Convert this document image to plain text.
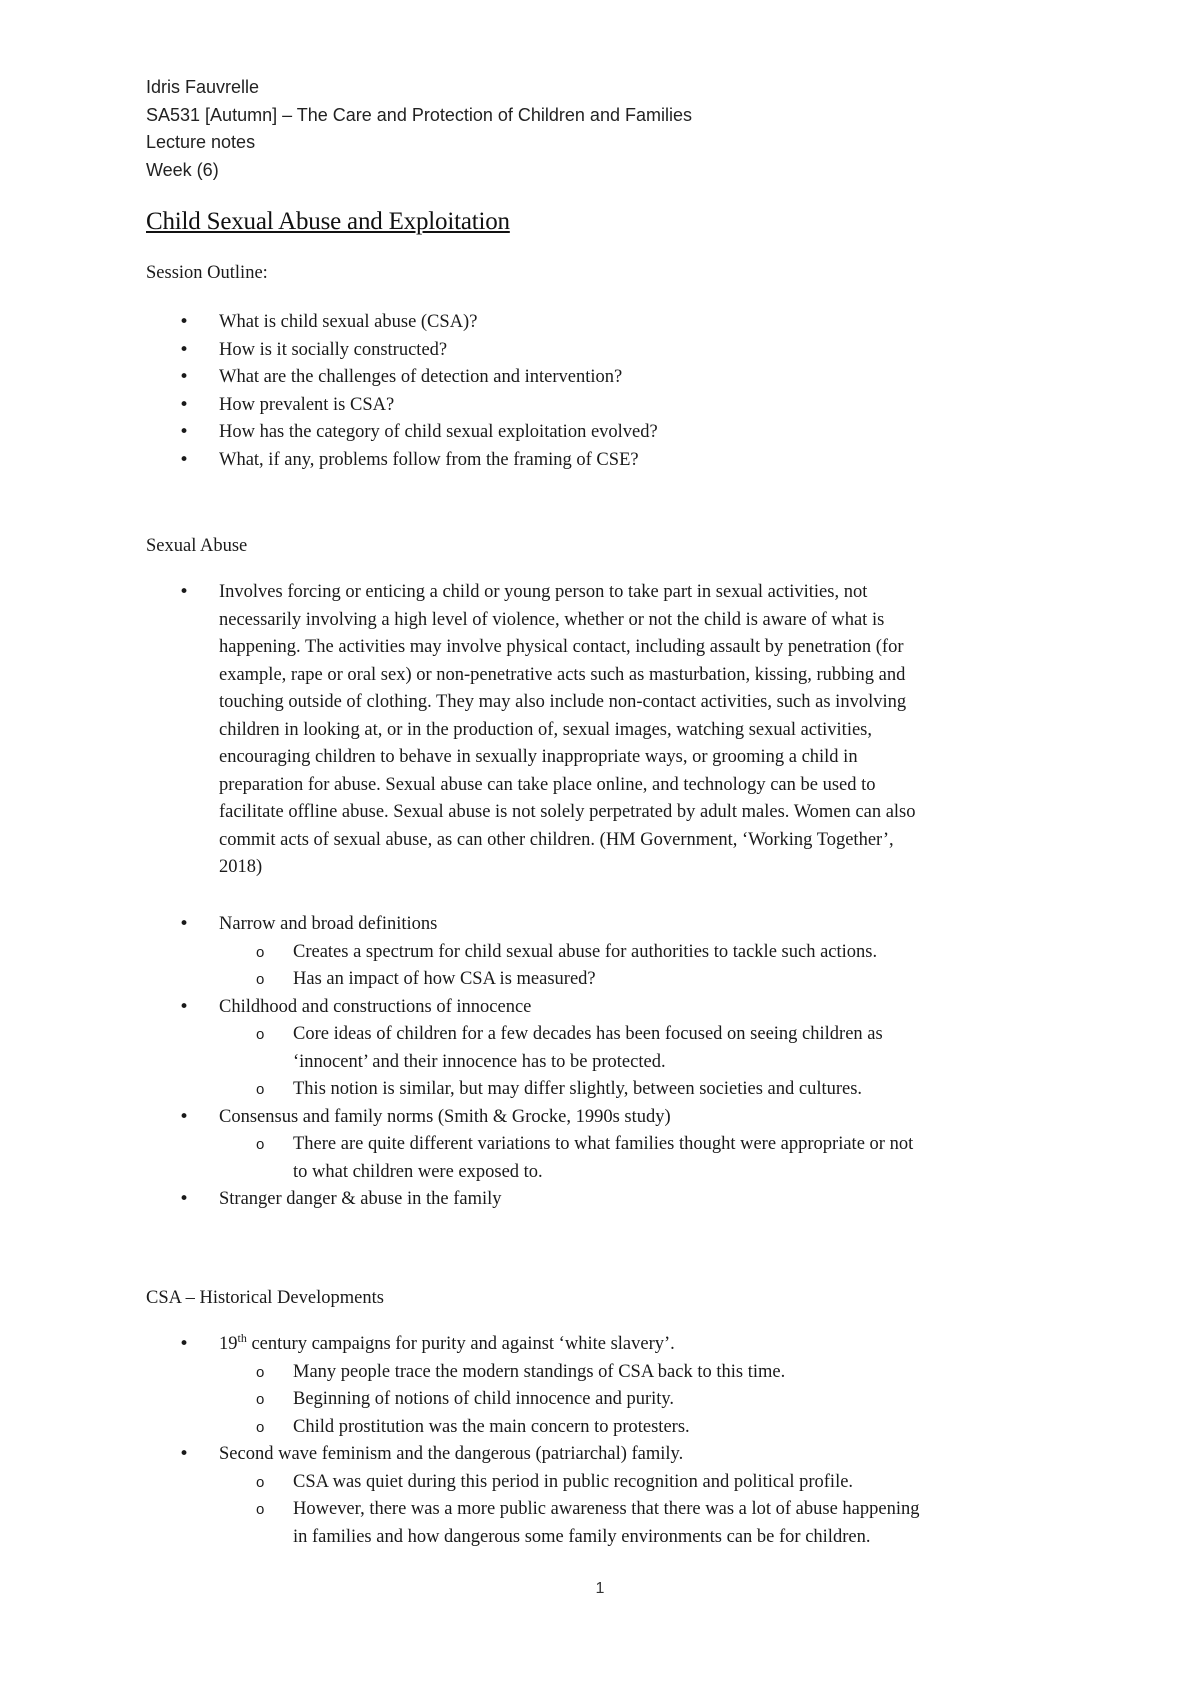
Idris Fauvrelle
SA531 [Autumn] – The Care and Protection of Children and Families
Lecture notes
Week (6)
Child Sexual Abuse and Exploitation
Session Outline:
• What is child sexual abuse (CSA)?
• How is it socially constructed?
• What are the challenges of detection and intervention?
• How prevalent is CSA?
• How has the category of child sexual exploitation evolved?
• What, if any, problems follow from the framing of CSE?
Sexual Abuse
• Involves forcing or enticing a child or young person to take part in sexual activities, not
necessarily involving a high level of violence, whether or not the child is aware of what is
happening. The activities may involve physical contact, including assault by penetration (for
example, rape or oral sex) or non-penetrative acts such as masturbation, kissing, rubbing and
touching outside of clothing. They may also include non-contact activities, such as involving
children in looking at, or in the production of, sexual images, watching sexual activities,
encouraging children to behave in sexually inappropriate ways, or grooming a child in
preparation for abuse. Sexual abuse can take place online, and technology can be used to
facilitate offline abuse. Sexual abuse is not solely perpetrated by adult males. Women can also
commit acts of sexual abuse, as can other children. (HM Government, ‘Working Together’,
2018)
• Narrow and broad definitions
o Creates a spectrum for child sexual abuse for authorities to tackle such actions.
o Has an impact of how CSA is measured?
• Childhood and constructions of innocence
o Core ideas of children for a few decades has been focused on seeing children as
‘innocent’ and their innocence has to be protected.
o This notion is similar, but may differ slightly, between societies and cultures.
• Consensus and family norms (Smith & Grocke, 1990s study)
o There are quite different variations to what families thought were appropriate or not
to what children were exposed to.
• Stranger danger & abuse in the family
CSA – Historical Developments
• 19th century campaigns for purity and against ‘white slavery’.
o Many people trace the modern standings of CSA back to this time.
o Beginning of notions of child innocence and purity.
o Child prostitution was the main concern to protesters.
• Second wave feminism and the dangerous (patriarchal) family.
o CSA was quiet during this period in public recognition and political profile.
o However, there was a more public awareness that there was a lot of abuse happening
in families and how dangerous some family environments can be for children.
1
